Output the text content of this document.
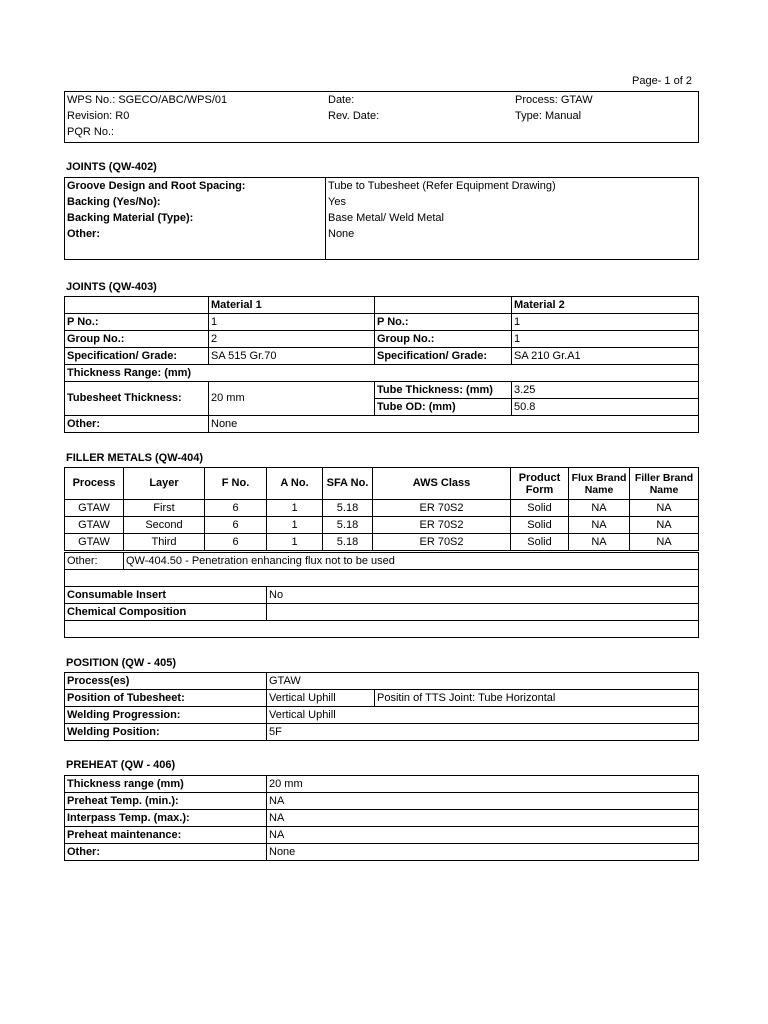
Page- 1 of 2
WPS No.: SGECO/ABC/WPS/01	Date:	Process: GTAW
Revision: R0	Rev. Date:	Type: Manual
PQR No.:		
JOINTS (QW-402)
Groove Design and Root Spacing:	Tube to Tubesheet (Refer Equipment Drawing)
Backing (Yes/No):	Yes
Backing Material (Type):	Base Metal/ Weld Metal
Other:	None

JOINTS (QW-403)
	Material 1		Material 2
P No.:	1	P No.:	1
Group No.:	2	Group No.:	1
Specification/ Grade:	SA 515 Gr.70	Specification/ Grade:	SA 210 Gr.A1
Thickness Range: (mm)			
Tubesheet Thickness:	20 mm	Tube Thickness: (mm)	3.25
		Tube OD: (mm)	50.8
Other:	None		
FILLER METALS (QW-404)
Process	Layer	F No.	A No.	SFA No.	AWS Class	Product Form	Flux Brand Name	Filler Brand Name
GTAW	First	6	1	5.18	ER 70S2	Solid	NA	NA
GTAW	Second	6	1	5.18	ER 70S2	Solid	NA	NA
GTAW	Third	6	1	5.18	ER 70S2	Solid	NA	NA
Other:	QW-404.50 - Penetration enhancing flux not to be used	

Consumable Insert		No
Chemical Composition		

POSITION (QW - 405)
Process(es)	GTAW	
Position of Tubesheet:	Vertical Uphill	Positin of TTS Joint: Tube Horizontal
Welding Progression:	Vertical Uphill	
Welding Position:	5F	
PREHEAT (QW - 406)
Thickness range (mm)	20 mm
Preheat Temp. (min.):	NA
Interpass Temp. (max.):	NA
Preheat maintenance:	NA
Other:	None
